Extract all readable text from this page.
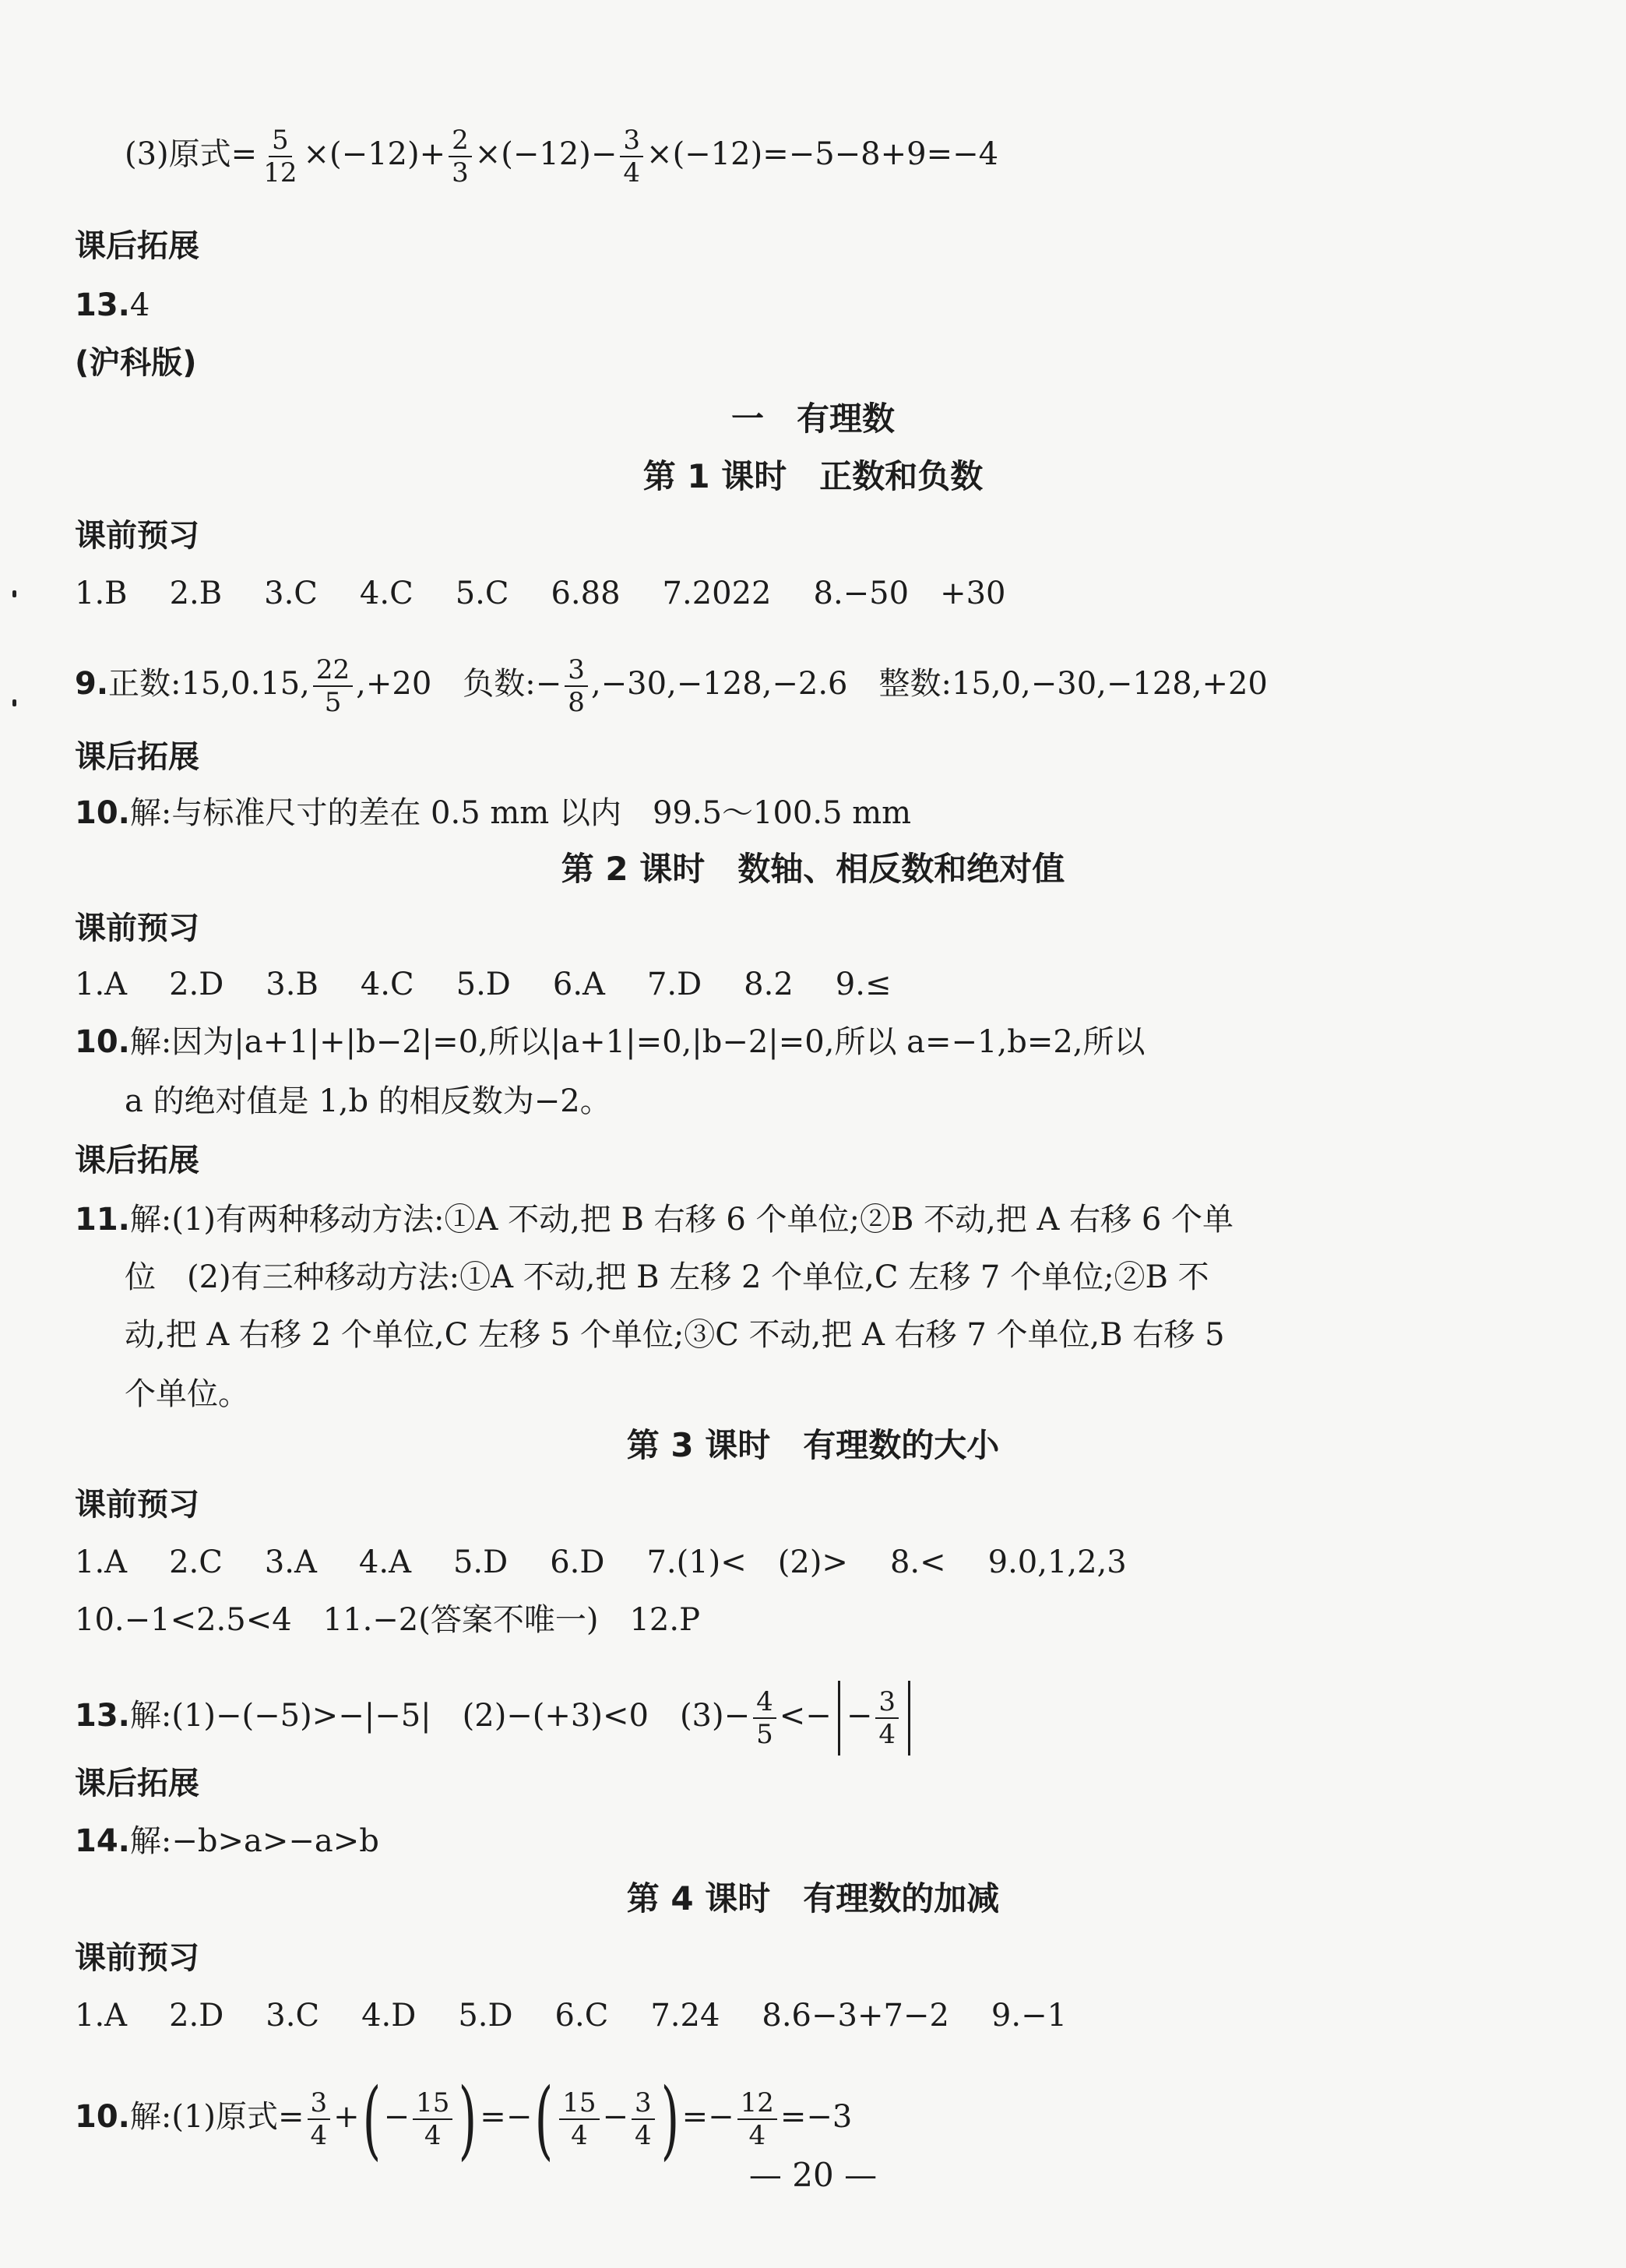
(3)原式= $\frac{5}{12} \times(-12)+ \frac{2}{3} \times(-12)- \frac{3}{4} \times(-12)=-5-8+9=-4$
课后拓展
13.4
(沪科版)
一　有理数
第 1 课时　正数和负数
课前预习
1.B 2.B 3.C 4.C 5.C 6.88 7.2022 8.−50　+30
9.正数:15,0.15, $\frac{22}{5} ,+20$　负数:− $\frac{3}{8} ,-30,-128,-2.6$　整数:15,0,−30,−128,+20
课后拓展
10.解:与标准尺寸的差在 0.5 mm 以内　99.5～100.5 mm
第 2 课时　数轴、相反数和绝对值
课前预习
1.A 2.D 3.B 4.C 5.D 6.A 7.D 8.2 9.≤
10.解:因为|a+1|+|b−2|=0,所以|a+1|=0,|b−2|=0,所以 a=−1,b=2,所以
a 的绝对值是 1,b 的相反数为−2。
课后拓展
11.解:(1)有两种移动方法:①A 不动,把 B 右移 6 个单位;②B 不动,把 A 右移 6 个单
位　(2)有三种移动方法:①A 不动,把 B 左移 2 个单位,C 左移 7 个单位;②B 不
动,把 A 右移 2 个单位,C 左移 5 个单位;③C 不动,把 A 右移 7 个单位,B 右移 5
个单位。
第 3 课时　有理数的大小
课前预习
1.A 2.C 3.A 4.A 5.D 6.D 7.(1)<　(2)> 8.< 9.0,1,2,3
10.−1<2.5<4　11.−2(答案不唯一)　12.P
13.解:(1)−(−5)>−|−5|　(2)−(+3)<0　$(3)- \frac{4}{5}$ <− − $\frac{3}{4}$
课后拓展
14.解:−b>a>−a>b
第 4 课时　有理数的加减
课前预习
1.A 2.D 3.C 4.D 5.D 6.C 7.24 8.6−3+7−2 9.−1
10.解:(1)原式= $\frac{3}{4}$ +(− $\frac{15}{4}$ )=−( $\frac{15}{4} - \frac{3}{4}$ )=− $\frac{12}{4} =-3$
— 20 —
